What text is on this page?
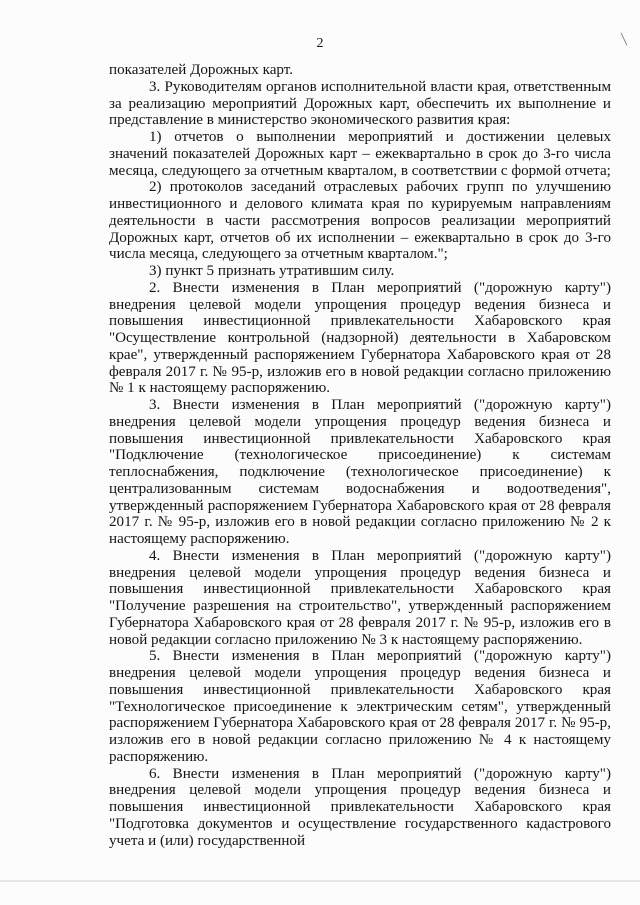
2

показателей Дорожных карт.

3. Руководителям органов исполнительной власти края, ответственным за реализацию мероприятий Дорожных карт, обеспечить их выполнение и представление в министерство экономического развития края:

1) отчетов о выполнении мероприятий и достижении целевых значений показателей Дорожных карт – ежеквартально в срок до 3-го числа месяца, следующего за отчетным кварталом, в соответствии с формой отчета;

2) протоколов заседаний отраслевых рабочих групп по улучшению инвестиционного и делового климата края по курируемым направлениям деятельности в части рассмотрения вопросов реализации мероприятий Дорожных карт, отчетов об их исполнении – ежеквартально в срок до 3-го числа месяца, следующего за отчетным кварталом.";

3) пункт 5 признать утратившим силу.

2. Внести изменения в План мероприятий ("дорожную карту") внедрения целевой модели упрощения процедур ведения бизнеса и повышения инвестиционной привлекательности Хабаровского края "Осуществление контрольной (надзорной) деятельности в Хабаровском крае", утвержденный распоряжением Губернатора Хабаровского края от 28 февраля 2017 г. № 95-р, изложив его в новой редакции согласно приложению № 1 к настоящему распоряжению.

3. Внести изменения в План мероприятий ("дорожную карту") внедрения целевой модели упрощения процедур ведения бизнеса и повышения инвестиционной привлекательности Хабаровского края "Подключение (технологическое присоединение) к системам теплоснабжения, подключение (технологическое присоединение) к централизованным системам водоснабжения и водоотведения", утвержденный распоряжением Губернатора Хабаровского края от 28 февраля 2017 г. № 95-р, изложив его в новой редакции согласно приложению № 2 к настоящему распоряжению.

4. Внести изменения в План мероприятий ("дорожную карту") внедрения целевой модели упрощения процедур ведения бизнеса и повышения инвестиционной привлекательности Хабаровского края "Получение разрешения на строительство", утвержденный распоряжением Губернатора Хабаровского края от 28 февраля 2017 г. № 95-р, изложив его в новой редакции согласно приложению № 3 к настоящему распоряжению.

5. Внести изменения в План мероприятий ("дорожную карту") внедрения целевой модели упрощения процедур ведения бизнеса и повышения инвестиционной привлекательности Хабаровского края "Технологическое присоединение к электрическим сетям", утвержденный распоряжением Губернатора Хабаровского края от 28 февраля 2017 г. № 95-р, изложив его в новой редакции согласно приложению № 4 к настоящему распоряжению.

6. Внести изменения в План мероприятий ("дорожную карту") внедрения целевой модели упрощения процедур ведения бизнеса и повышения инвестиционной привлекательности Хабаровского края "Подготовка документов и осуществление государственного кадастрового учета и (или) государственной
